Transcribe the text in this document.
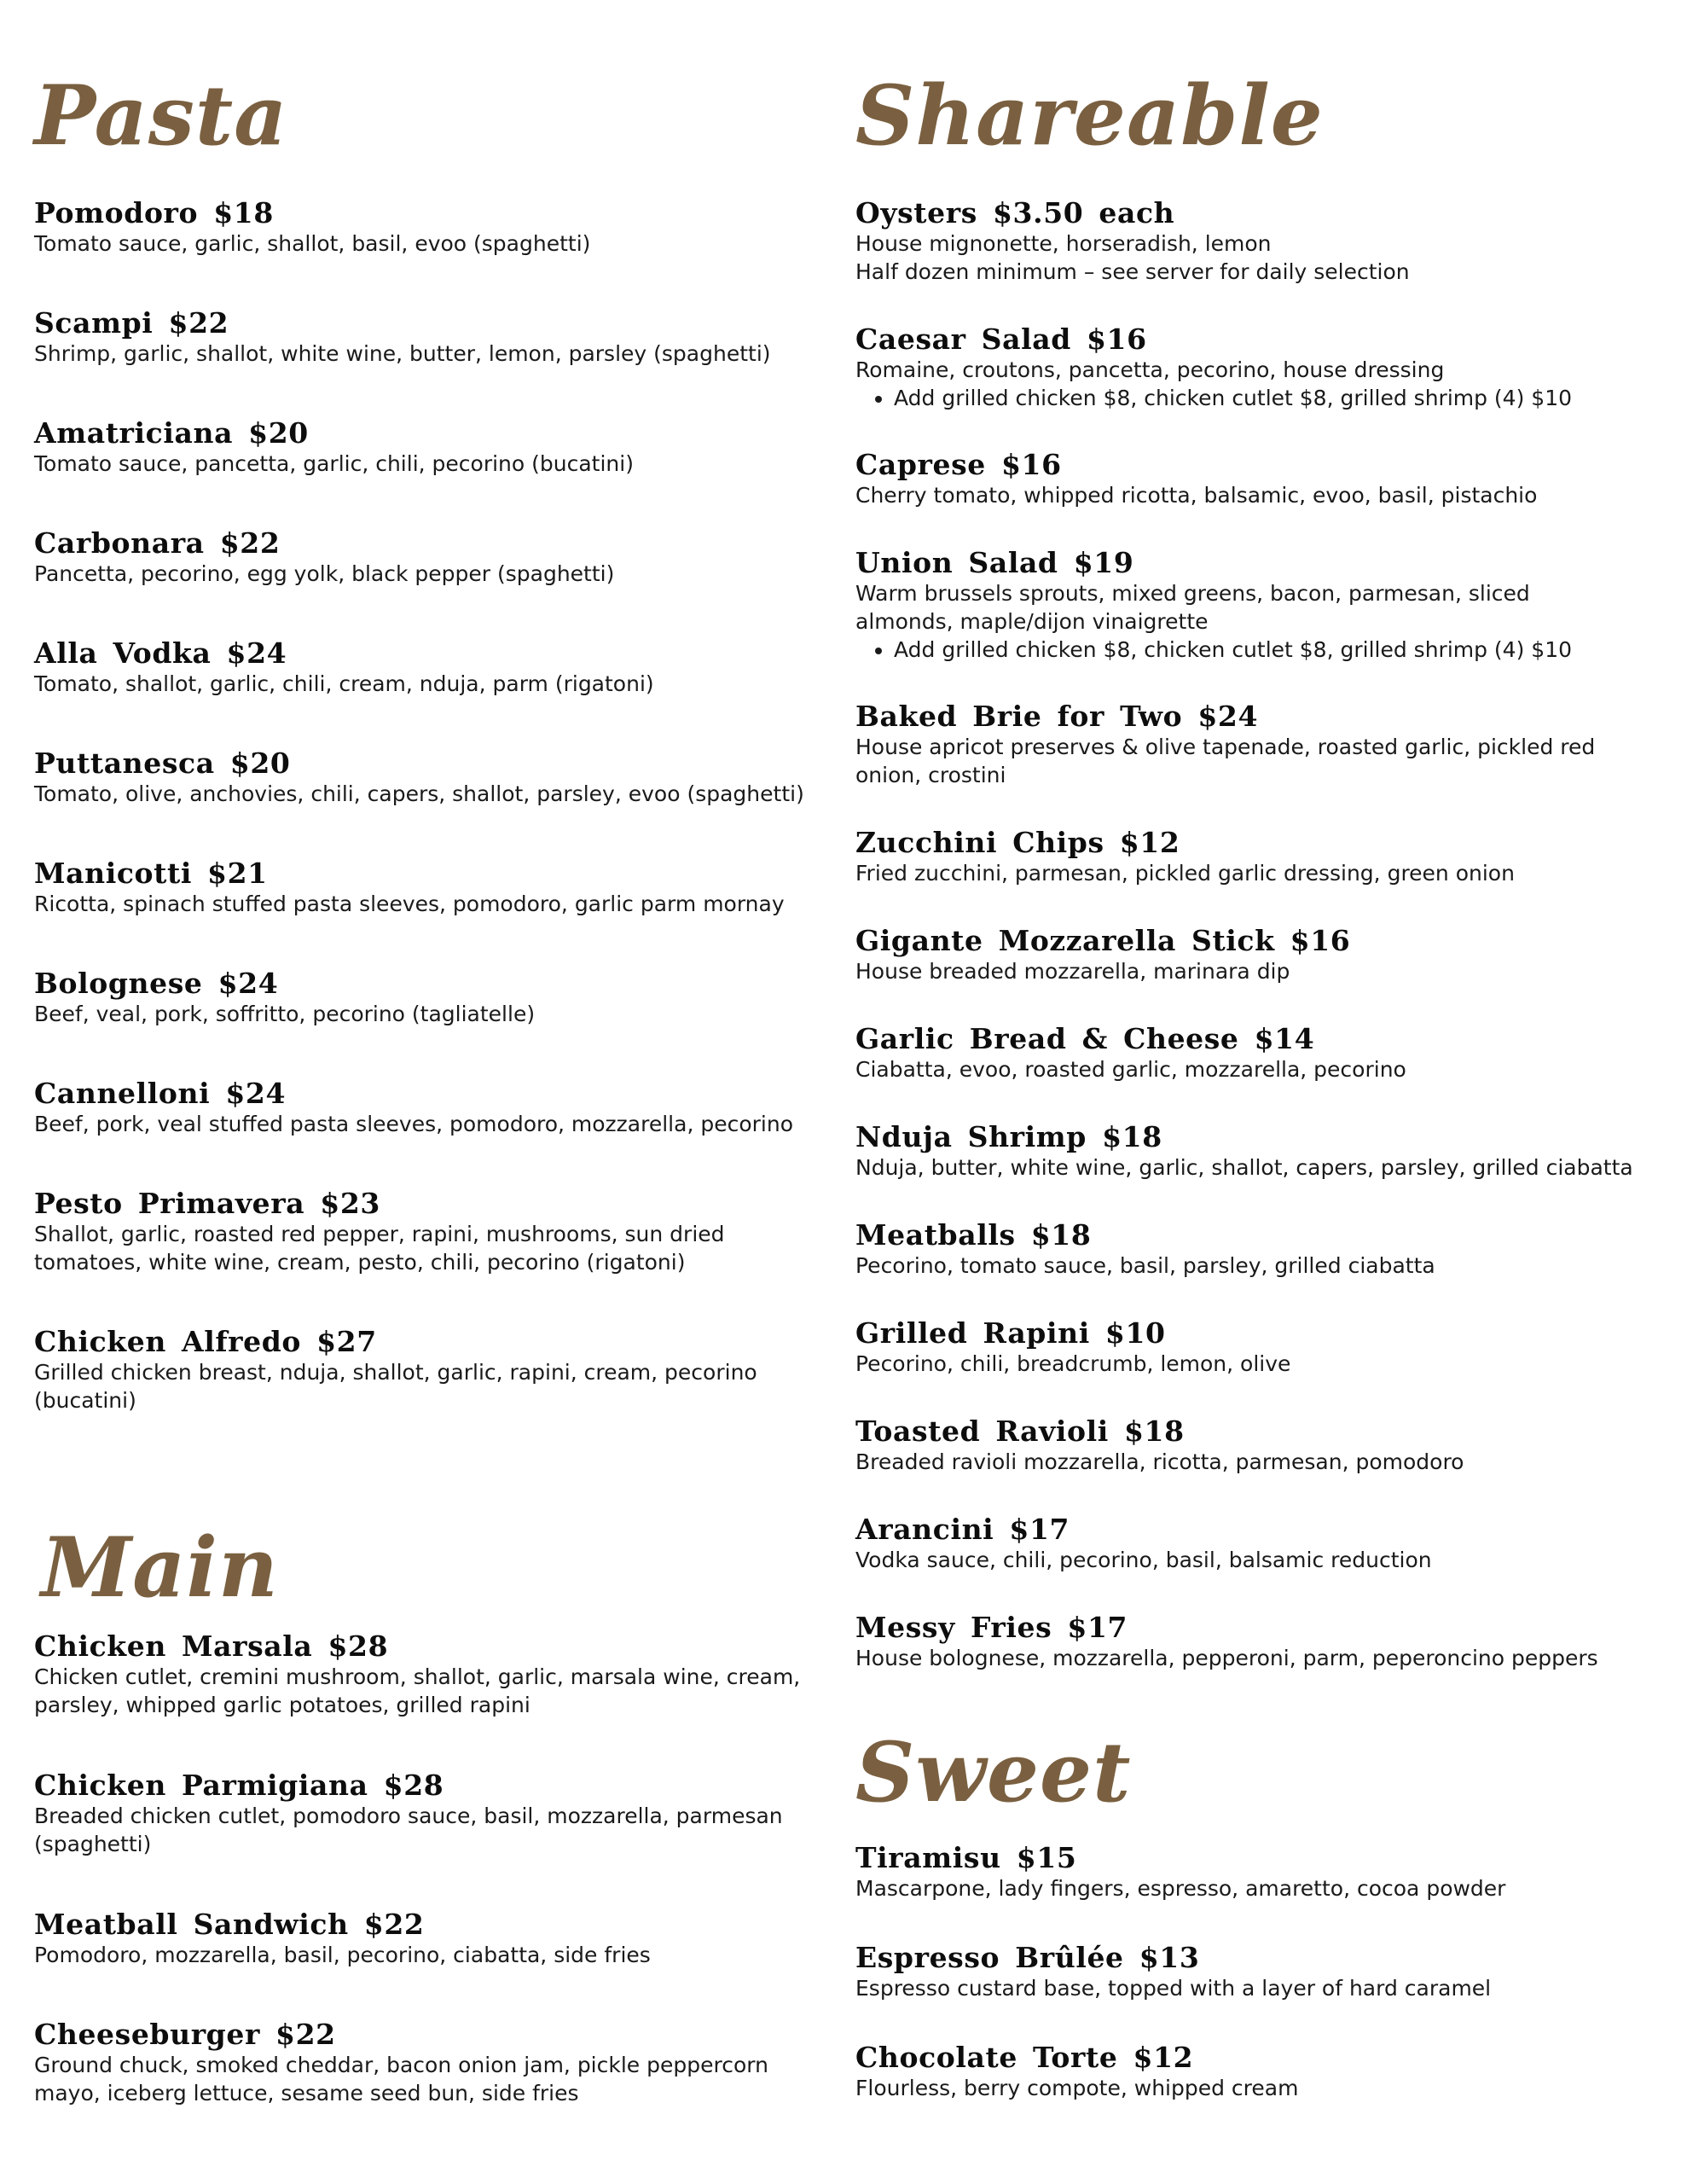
Pasta
Pomodoro $18
Tomato sauce, garlic, shallot, basil, evoo (spaghetti)
Scampi $22
Shrimp, garlic, shallot, white wine, butter, lemon, parsley (spaghetti)
Amatriciana $20
Tomato sauce, pancetta, garlic, chili, pecorino (bucatini)
Carbonara $22
Pancetta, pecorino, egg yolk, black pepper (spaghetti)
Alla Vodka $24
Tomato, shallot, garlic, chili, cream, nduja, parm (rigatoni)
Puttanesca $20
Tomato, olive, anchovies, chili, capers, shallot, parsley, evoo (spaghetti)
Manicotti $21
Ricotta, spinach stuffed pasta sleeves, pomodoro, garlic parm mornay
Bolognese $24
Beef, veal, pork, soffritto, pecorino (tagliatelle)
Cannelloni $24
Beef, pork, veal stuffed pasta sleeves, pomodoro, mozzarella, pecorino
Pesto Primavera $23
Shallot, garlic, roasted red pepper, rapini, mushrooms, sun dried tomatoes, white wine, cream, pesto, chili, pecorino (rigatoni)
Chicken Alfredo $27
Grilled chicken breast, nduja, shallot, garlic, rapini, cream, pecorino (bucatini)
Main
Chicken Marsala $28
Chicken cutlet, cremini mushroom, shallot, garlic, marsala wine, cream, parsley, whipped garlic potatoes, grilled rapini
Chicken Parmigiana $28
Breaded chicken cutlet, pomodoro sauce, basil, mozzarella, parmesan (spaghetti)
Meatball Sandwich $22
Pomodoro, mozzarella, basil, pecorino, ciabatta, side fries
Cheeseburger $22
Ground chuck, smoked cheddar, bacon onion jam, pickle peppercorn mayo, iceberg lettuce, sesame seed bun, side fries
Shareable
Oysters $3.50 each
House mignonette, horseradish, lemon
Half dozen minimum – see server for daily selection
Caesar Salad $16
Romaine, croutons, pancetta, pecorino, house dressing
• Add grilled chicken $8, chicken cutlet $8, grilled shrimp (4) $10
Caprese $16
Cherry tomato, whipped ricotta, balsamic, evoo, basil, pistachio
Union Salad $19
Warm brussels sprouts, mixed greens, bacon, parmesan, sliced almonds, maple/dijon vinaigrette
• Add grilled chicken $8, chicken cutlet $8, grilled shrimp (4) $10
Baked Brie for Two $24
House apricot preserves & olive tapenade, roasted garlic, pickled red onion, crostini
Zucchini Chips $12
Fried zucchini, parmesan, pickled garlic dressing, green onion
Gigante Mozzarella Stick $16
House breaded mozzarella, marinara dip
Garlic Bread & Cheese $14
Ciabatta, evoo, roasted garlic, mozzarella, pecorino
Nduja Shrimp $18
Nduja, butter, white wine, garlic, shallot, capers, parsley, grilled ciabatta
Meatballs $18
Pecorino, tomato sauce, basil, parsley, grilled ciabatta
Grilled Rapini $10
Pecorino, chili, breadcrumb, lemon, olive
Toasted Ravioli $18
Breaded ravioli mozzarella, ricotta, parmesan, pomodoro
Arancini $17
Vodka sauce, chili, pecorino, basil, balsamic reduction
Messy Fries $17
House bolognese, mozzarella, pepperoni, parm, peperoncino peppers
Sweet
Tiramisu $15
Mascarpone, lady fingers, espresso, amaretto, cocoa powder
Espresso Brûlée $13
Espresso custard base, topped with a layer of hard caramel
Chocolate Torte $12
Flourless, berry compote, whipped cream
